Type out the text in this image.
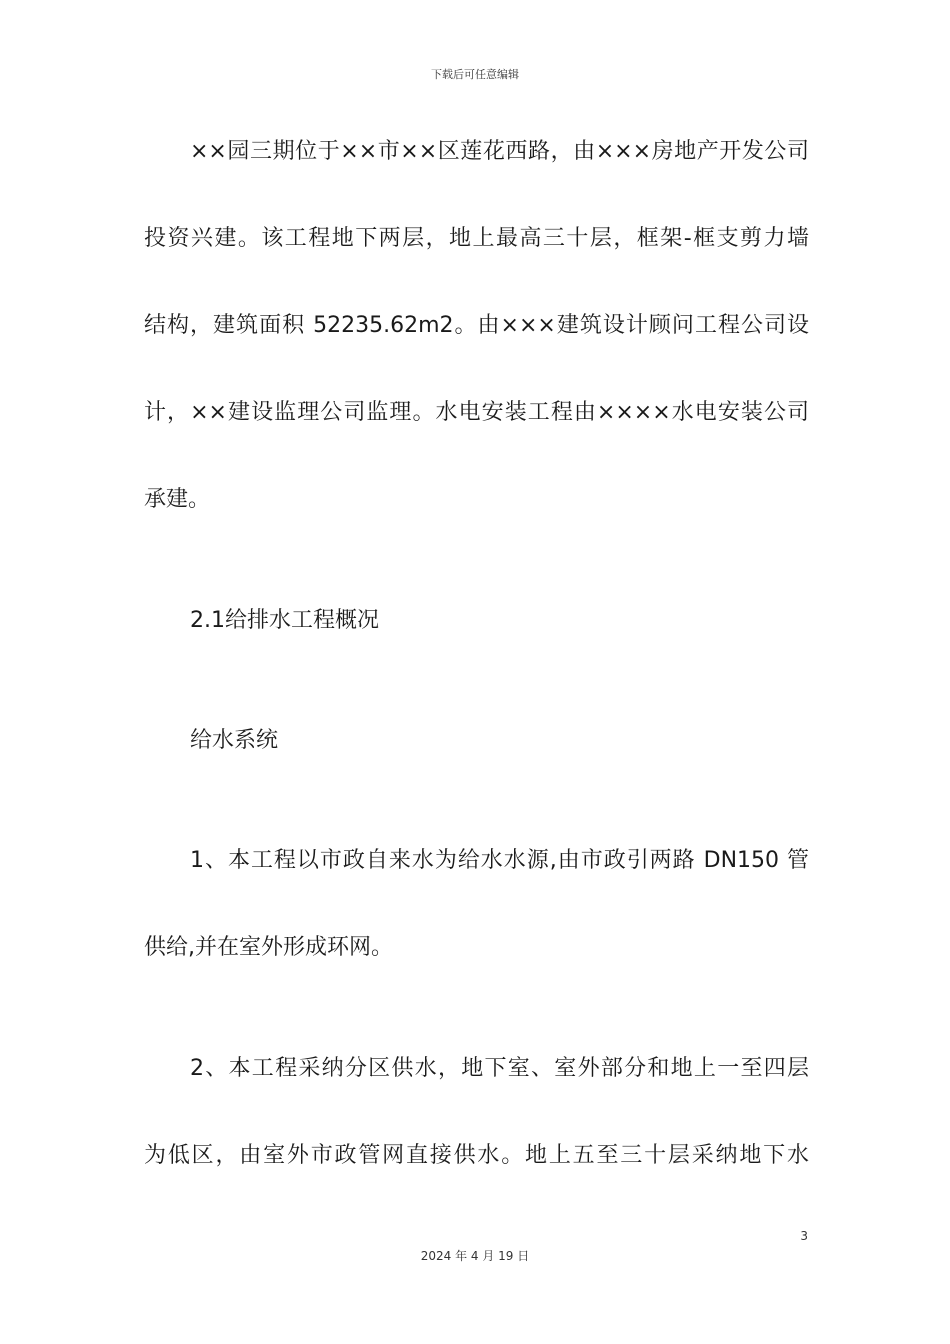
下载后可任意编辑
××园三期位于××市××区莲花西路，由×××房地产开发公司
投资兴建。该工程地下两层，地上最高三十层，框架-框支剪力墙
结构，建筑面积 52235.62m2。由×××建筑设计顾问工程公司设
计，××建设监理公司监理。水电安装工程由××××水电安装公司
承建。
2.1给排水工程概况
给水系统
1、本工程以市政自来水为给水水源,由市政引两路 DN150 管
供给,并在室外形成环网。
2、本工程采纳分区供水，地下室、室外部分和地上一至四层
为低区，由室外市政管网直接供水。地上五至三十层采纳地下水
3
2024 年 4 月 19 日
